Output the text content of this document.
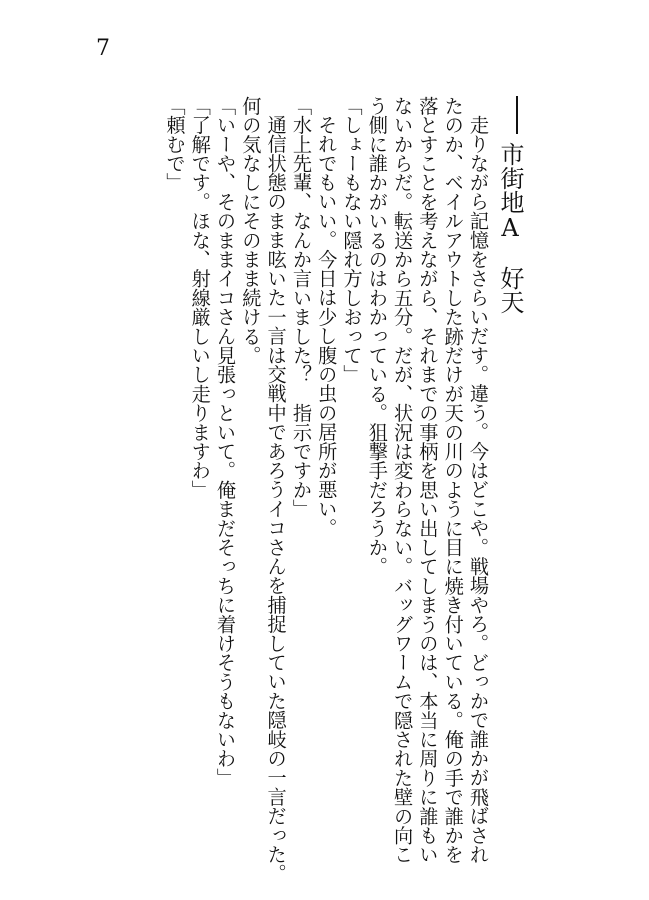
7
市街地A好天
走りながら記憶をさらいだす。違う。今はどこや。戦場やろ。どっかで誰かが飛ばされ
たのか、ベイルアウトした跡だけが天の川のように目に焼き付いている。俺の手で誰かを
落とすことを考えながら、それまでの事柄を思い出してしまうのは、本当に周りに誰もい
ないからだ。転送から五分。だが、状況は変わらない。バッグワームで隠された壁の向こ
う側に誰かがいるのはわかっている。狙撃手だろうか。
「しょーもない隠れ方しおって」
それでもいい。今日は少し腹の虫の居所が悪い。
「水上先輩、なんか言いました？　指示ですか」
通信状態のまま呟いた一言は交戦中であろうイコさんを捕捉していた隠岐の一言だった。
何の気なしにそのまま続ける。
「いーや、そのままイコさん見張っといて。俺まだそっちに着けそうもないわ」
「了解です。ほな、射線厳しいし走りますわ」
「頼むで」
